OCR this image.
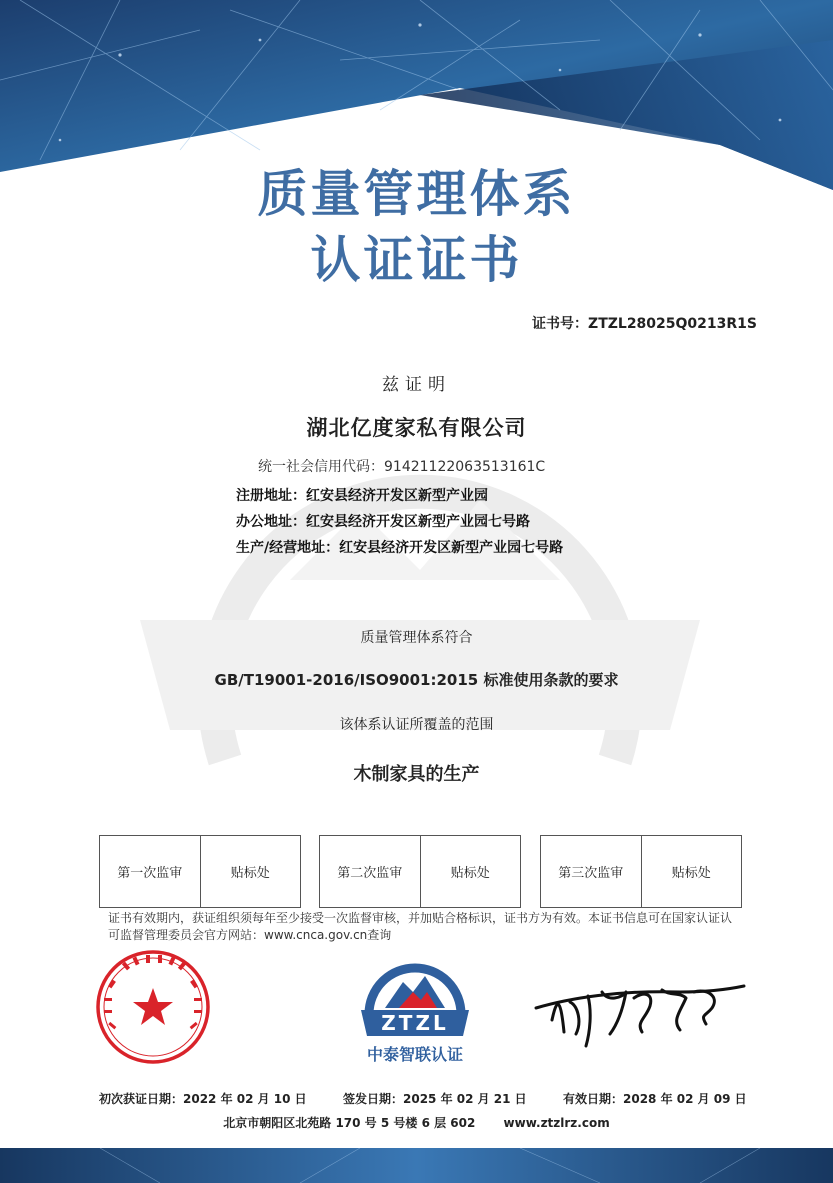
质量管理体系
认证证书
证书号：ZTZL28025Q0213R1S
兹证明
湖北亿度家私有限公司
统一社会信用代码：91421122063513161C
注册地址：红安县经济开发区新型产业园
办公地址：红安县经济开发区新型产业园七号路
生产/经营地址：红安县经济开发区新型产业园七号路
质量管理体系符合
GB/T19001-2016/ISO9001:2015 标准使用条款的要求
该体系认证所覆盖的范围
木制家具的生产
第一次监审	贴标处	第二次监审	贴标处	第三次监审	贴标处
证书有效期内，获证组织须每年至少接受一次监督审核，并加贴合格标识，证书方为有效。本证书信息可在国家认证认可监督管理委员会官方网站：www.cnca.gov.cn查询
ZTZL
中泰智联认证
初次获证日期：2022 年 02 月 10 日	签发日期：2025 年 02 月 21 日	有效日期：2028 年 02 月 09 日
北京市朝阳区北苑路 170 号 5 号楼 6 层 602 www.ztzlrz.com
